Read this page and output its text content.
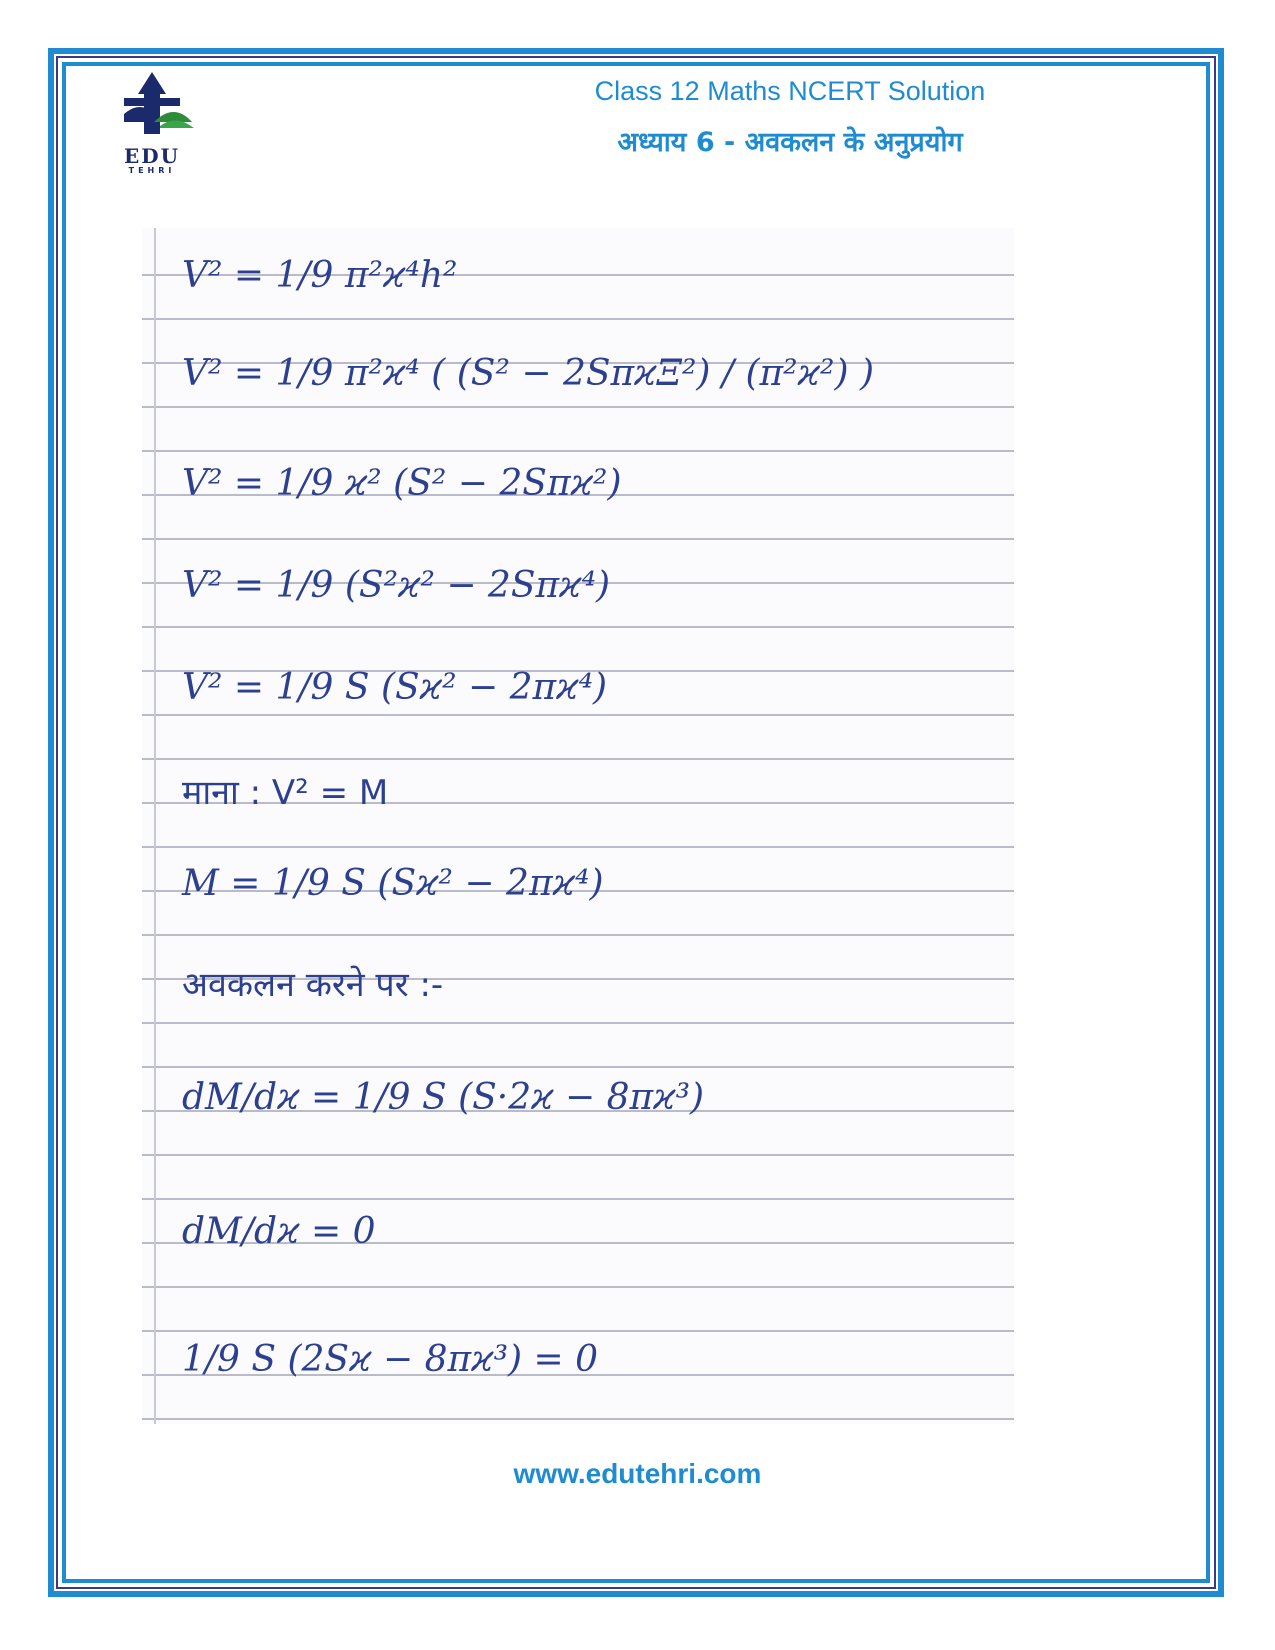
EDU
TEHRI
Class 12 Maths NCERT Solution
अध्याय 6 - अवकलन के अनुप्रयोग
V² = 1/9 π²ϰ⁴h²
V² = 1/9 π²ϰ⁴ ( (S² − 2SπϰΞ²) / (π²ϰ²) )
V² = 1/9 ϰ² (S² − 2Sπϰ²)
V² = 1/9 (S²ϰ² − 2Sπϰ⁴)
V² = 1/9 S (Sϰ² − 2πϰ⁴)
माना : V² = M
M = 1/9 S (Sϰ² − 2πϰ⁴)
अवकलन करने पर :-
dM/dϰ = 1/9 S (S·2ϰ − 8πϰ³)
dM/dϰ = 0
1/9 S (2Sϰ − 8πϰ³) = 0
www.edutehri.com
